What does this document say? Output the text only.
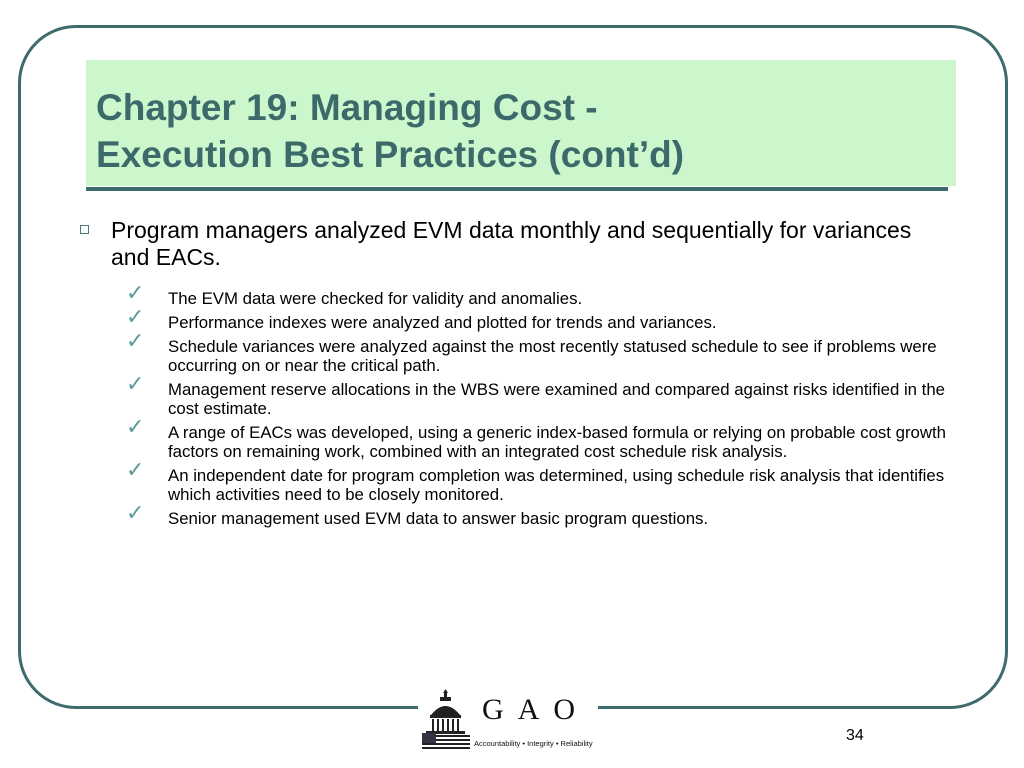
Chapter 19: Managing Cost -
Execution Best Practices (cont’d)
Program managers analyzed EVM data monthly and sequentially for variances and EACs.
✓ The EVM data were checked for validity and anomalies.
✓ Performance indexes were analyzed and plotted for trends and variances.
✓ Schedule variances were analyzed against the most recently statused schedule to see if problems were occurring on or near the critical path.
✓ Management reserve allocations in the WBS were examined and compared against risks identified in the cost estimate.
✓ A range of EACs was developed, using a generic index-based formula or relying on probable cost growth factors on remaining work, combined with an integrated cost schedule risk analysis.
✓ An independent date for program completion was determined, using schedule risk analysis that identifies which activities need to be closely monitored.
✓ Senior management used EVM data to answer basic program questions.
GAO
Accountability • Integrity • Reliability	34
